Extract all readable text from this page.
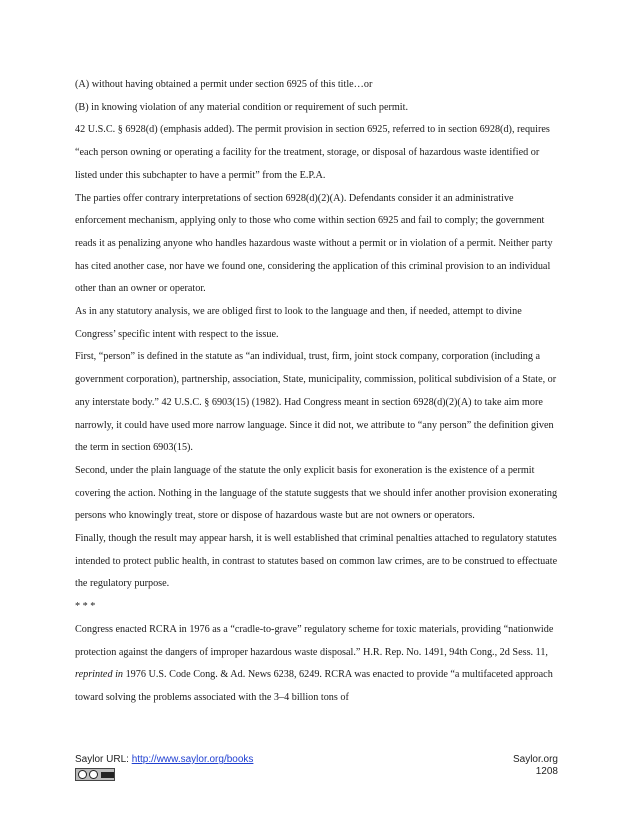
(A) without having obtained a permit under section 6925 of this title…or

(B) in knowing violation of any material condition or requirement of such permit.

42 U.S.C. § 6928(d) (emphasis added). The permit provision in section 6925, referred to in section 6928(d), requires “each person owning or operating a facility for the treatment, storage, or disposal of hazardous waste identified or listed under this subchapter to have a permit” from the E.P.A.

The parties offer contrary interpretations of section 6928(d)(2)(A). Defendants consider it an administrative enforcement mechanism, applying only to those who come within section 6925 and fail to comply; the government reads it as penalizing anyone who handles hazardous waste without a permit or in violation of a permit. Neither party has cited another case, nor have we found one, considering the application of this criminal provision to an individual other than an owner or operator.

As in any statutory analysis, we are obliged first to look to the language and then, if needed, attempt to divine Congress’ specific intent with respect to the issue.

First, “person” is defined in the statute as “an individual, trust, firm, joint stock company, corporation (including a government corporation), partnership, association, State, municipality, commission, political subdivision of a State, or any interstate body.” 42 U.S.C. § 6903(15) (1982). Had Congress meant in section 6928(d)(2)(A) to take aim more narrowly, it could have used more narrow language. Since it did not, we attribute to “any person” the definition given the term in section 6903(15).

Second, under the plain language of the statute the only explicit basis for exoneration is the existence of a permit covering the action. Nothing in the language of the statute suggests that we should infer another provision exonerating persons who knowingly treat, store or dispose of hazardous waste but are not owners or operators.

Finally, though the result may appear harsh, it is well established that criminal penalties attached to regulatory statutes intended to protect public health, in contrast to statutes based on common law crimes, are to be construed to effectuate the regulatory purpose.

* * *

Congress enacted RCRA in 1976 as a “cradle-to-grave” regulatory scheme for toxic materials, providing “nationwide protection against the dangers of improper hazardous waste disposal.” H.R. Rep. No. 1491, 94th Cong., 2d Sess. 11, reprinted in 1976 U.S. Code Cong. & Ad. News 6238, 6249. RCRA was enacted to provide “a multifaceted approach toward solving the problems associated with the 3–4 billion tons of

Saylor URL: http://www.saylor.org/books	Saylor.org
1208
